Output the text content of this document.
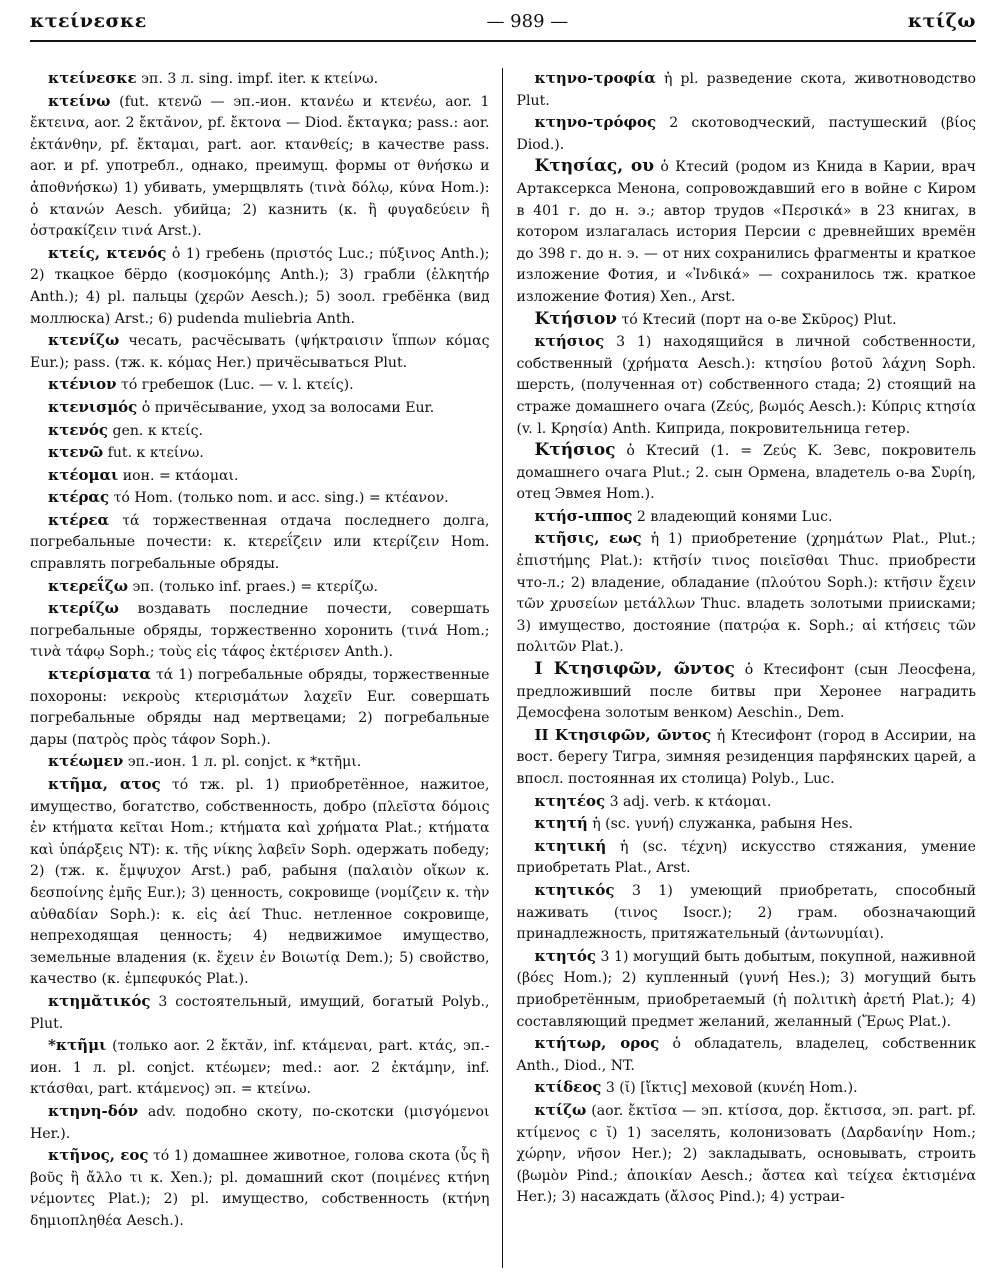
κτείνεσκε	— 989 —	κτίζω

κτείνεσκε эп. 3 л. sing. impf. iter. к κτείνω.

κτείνω (fut. κτενῶ — эп.-ион. κτανέω и κτενέω, aor. 1 ἔκτεινα, aor. 2 ἔκτᾰνον, pf. ἔκτονα — Diod. ἔκταγκα; pass.: aor. ἐκτάνθην, pf. ἔκταμαι, part. aor. κτανθείς; в качестве pass. aor. и pf. употребл., однако, преимущ. формы от θνήσκω и ἀποθνήσκω) 1) убивать, умерщвлять (τινὰ δόλῳ, κύνα Hom.): ὁ κτανών Aesch. убийца; 2) казнить (κ. ἢ φυγαδεύειν ἢ ὀστρακίζειν τινά Arst.).

κτείς, κτενός ὁ 1) гребень (πριστός Luc.; πύξινος Anth.); 2) ткацкое бёрдо (κοσμοκόμης Anth.); 3) грабли (ἑλκητήρ Anth.); 4) pl. пальцы (χερῶν Aesch.); 5) зоол. гребёнка (вид моллюска) Arst.; 6) pudenda muliebria Anth.

κτενίζω чесать, расчёсывать (ψήκτραισιν ἵππων κόμας Eur.); pass. (тж. κ. κόμας Her.) причёсываться Plut.

κτένιον τό гребешок (Luc. — v. l. κτείς).

κτενισμός ὁ причёсывание, уход за волосами Eur.

κτενός gen. к κτείς.

κτενῶ fut. к κτείνω.

κτέομαι ион. = κτάομαι.

κτέρας τό Hom. (только nom. и acc. sing.) = κτέανον.

κτέρεα τά торжественная отдача последнего долга, погребальные почести: κ. κτερεΐζειν или κτερίζειν Hom. справлять погребальные обряды.

κτερεΐζω эп. (только inf. praes.) = κτερίζω.

κτερίζω воздавать последние почести, совершать погребальные обряды, торжественно хоронить (τινά Hom.; τινὰ τάφῳ Soph.; τοὺς εἰς τάφος ἐκτέρισεν Anth.).

κτερίσματα τά 1) погребальные обряды, торжественные похороны: νεκροὺς κτερισμάτων λαχεῖν Eur. совершать погребальные обряды над мертвецами; 2) погребальные дары (πατρὸς πρὸς τάφον Soph.).

κτέωμεν эп.-ион. 1 л. pl. conjct. к *κτῆμι.

κτῆμα, ατος τό тж. pl. 1) приобретённое, нажитое, имущество, богатство, собственность, добро (πλεῖστα δόμοις ἐν κτήματα κεῖται Hom.; κτήματα καὶ χρήματα Plat.; κτήματα καὶ ὑπάρξεις NT): κ. τῆς νίκης λαβεῖν Soph. одержать победу; 2) (тж. κ. ἔμψυχον Arst.) раб, рабыня (παλαιὸν οἴκων κ. δεσποίνης ἐμῆς Eur.); 3) ценность, сокровище (νομίζειν κ. τὴν αὐθαδίαν Soph.): κ. εἰς ἀεί Thuc. нетленное сокровище, непреходящая ценность; 4) недвижимое имущество, земельные владения (κ. ἔχειν ἐν Βοιωτίᾳ Dem.); 5) свойство, качество (κ. ἐμπεφυκός Plat.).

κτημᾰτικός 3 состоятельный, имущий, богатый Polyb., Plut.

*κτῆμι (только aor. 2 ἔκτᾰν, inf. κτάμεναι, part. κτάς, эп.-ион. 1 л. pl. conjct. κτέωμεν; med.: aor. 2 ἐκτάμην, inf. κτάσθαι, part. κτάμενος) эп. = κτείνω.

κτηνη-δόν adv. подобно скоту, по-скотски (μισγόμενοι Her.).

κτῆνος, εος τό 1) домашнее животное, голова скота (ὗς ἢ βοῦς ἢ ἄλλο τι κ. Xen.); pl. домашний скот (ποιμένες κτήνη νέμοντες Plat.); 2) pl. имущество, собственность (κτήνη δημιοπληθέα Aesch.).

κτηνο-τροφία ἡ pl. разведение скота, животноводство Plut.

κτηνο-τρόφος 2 скотоводческий, пастушеский (βίος Diod.).

Κτησίας, ου ὁ Ктесий (родом из Книда в Карии, врач Артаксеркса Менона, сопровождавший его в войне с Киром в 401 г. до н. э.; автор трудов «Περσικά» в 23 книгах, в котором излагалась история Персии с древнейших времён до 398 г. до н. э. — от них сохранились фрагменты и краткое изложение Фотия, и «Ἰνδικά» — сохранилось тж. краткое изложение Фотия) Xen., Arst.

Κτήσιον τό Ктесий (порт на о-ве Σκῦρος) Plut.

κτήσιος 3 1) находящийся в личной собственности, собственный (χρήματα Aesch.): κτησίου βοτοῦ λάχνη Soph. шерсть, (полученная от) собственного стада; 2) стоящий на страже домашнего очага (Ζεύς, βωμός Aesch.): Κύπρις κτησία (v. l. Κρησία) Anth. Киприда, покровительница гетер.

Κτήσιος ὁ Ктесий (1. = Ζεύς Κ. Зевс, покровитель домашнего очага Plut.; 2. сын Ормена, владетель о-ва Συρίη, отец Эвмея Hom.).

κτήσ-ιππος 2 владеющий конями Luc.

κτῆσις, εως ἡ 1) приобретение (χρημάτων Plat., Plut.; ἐπιστήμης Plat.): κτῆσίν τινος ποιεῖσθαι Thuc. приобрести что-л.; 2) владение, обладание (πλούτου Soph.): κτῆσιν ἔχειν τῶν χρυσείων μετάλλων Thuc. владеть золотыми приисками; 3) имущество, достояние (πατρῴα κ. Soph.; αἱ κτήσεις τῶν πολιτῶν Plat.).

I Κτησιφῶν, ῶντος ὁ Ктесифонт (сын Леосфена, предложивший после битвы при Херонее наградить Демосфена золотым венком) Aeschin., Dem.

II Κτησιφῶν, ῶντος ἡ Ктесифонт (город в Ассирии, на вост. берегу Тигра, зимняя резиденция парфянских царей, а впосл. постоянная их столица) Polyb., Luc.

κτητέος 3 adj. verb. к κτάομαι.

κτητή ἡ (sc. γυνή) служанка, рабыня Hes.

κτητική ἡ (sc. τέχνη) искусство стяжания, умение приобретать Plat., Arst.

κτητικός 3 1) умеющий приобретать, способный наживать (τινος Isocr.); 2) грам. обозначающий принадлежность, притяжательный (ἀντωνυμίαι).

κτητός 3 1) могущий быть добытым, покупной, наживной (βόες Hom.); 2) купленный (γυνή Hes.); 3) могущий быть приобретённым, приобретаемый (ἡ πολιτικὴ ἀρετή Plat.); 4) составляющий предмет желаний, желанный (Ἔρως Plat.).

κτήτωρ, ορος ὁ обладатель, владелец, собственник Anth., Diod., NT.

κτίδεος 3 (ῐ) [ἴκτις] меховой (κυνέη Hom.).

κτίζω (aor. ἔκτῐσα — эп. κτίσσα, дор. ἔκτισσα, эп. part. pf. κτίμενος с ῐ) 1) заселять, колонизовать (Δαρδανίην Hom.; χώρην, νῆσον Her.); 2) закладывать, основывать, строить (βωμὸν Pind.; ἀποικίαν Aesch.; ἄστεα καὶ τείχεα ἐκτισμένα Her.); 3) насаждать (ἄλσος Pind.); 4) устраи-
